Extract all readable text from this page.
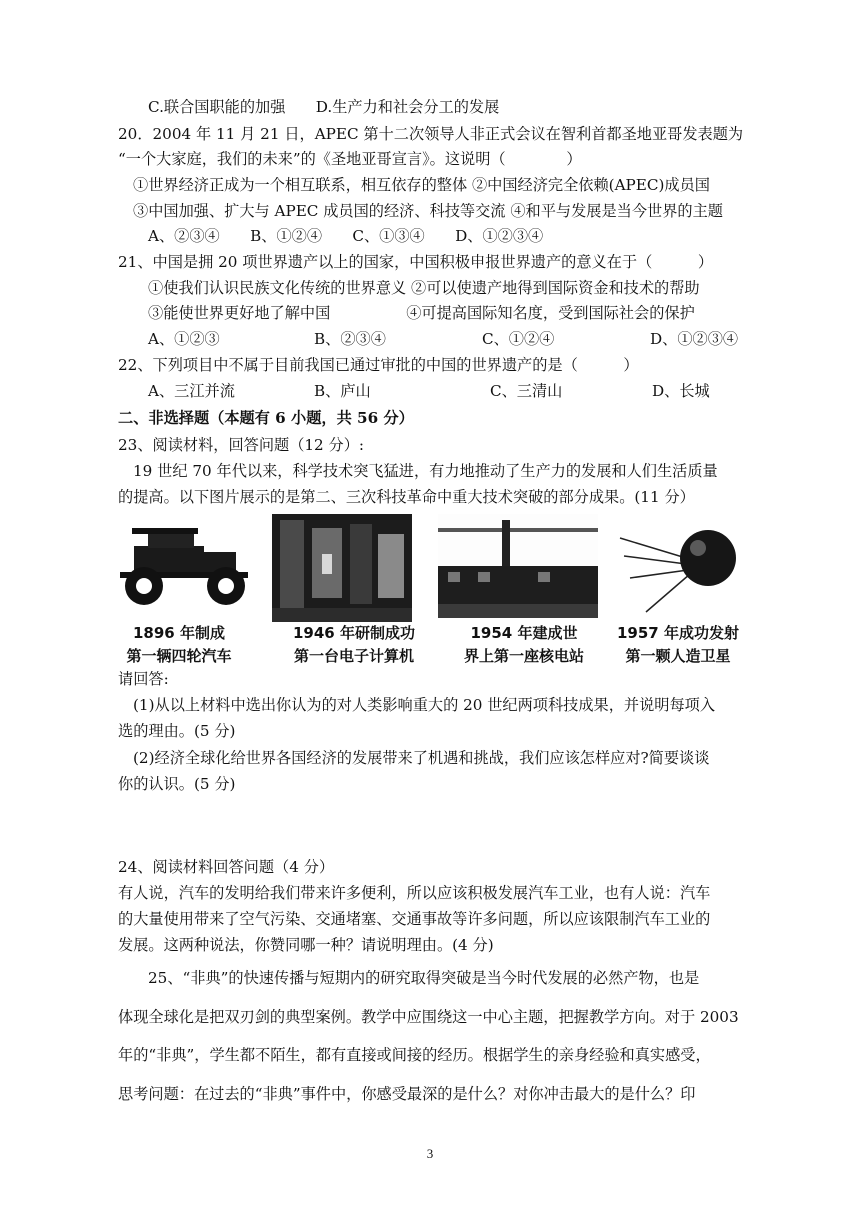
C.联合国职能的加强　　D.生产力和社会分工的发展
20．2004 年 11 月 21 日，APEC 第十二次领导人非正式会议在智利首都圣地亚哥发表题为
“一个大家庭，我们的未来”的《圣地亚哥宣言》。这说明（　　　　）
①世界经济正成为一个相互联系，相互依存的整体 ②中国经济完全依赖(APEC)成员国
③中国加强、扩大与 APEC 成员国的经济、科技等交流 ④和平与发展是当今世界的主题
A、②③④　　B、①②④　　C、①③④　　D、①②③④
21、中国是拥 20 项世界遗产以上的国家，中国积极申报世界遗产的意义在于（　　　）
①使我们认识民族文化传统的世界意义 ②可以使遗产地得到国际资金和技术的帮助
③能使世界更好地了解中国　　　　　④可提高国际知名度，受到国际社会的保护
A、①②③	B、②③④	C、①②④	D、①②③④
22、下列项目中不属于目前我国已通过审批的中国的世界遗产的是（　　　）
A、三江并流	B、庐山	C、三清山	D、长城
二、非选择题（本题有 6 小题，共 56 分）
23、阅读材料，回答问题（12 分）:
19 世纪 70 年代以来，科学技术突飞猛进，有力地推动了生产力的发展和人们生活质量
的提高。以下图片展示的是第二、三次科技革命中重大技术突破的部分成果。(11 分）
1896 年制成
第一辆四轮汽车
1946 年研制成功
第一台电子计算机
1954 年建成世
界上第一座核电站
1957 年成功发射
第一颗人造卫星
请回答:
(1)从以上材料中选出你认为的对人类影响重大的 20 世纪两项科技成果，并说明每项入
选的理由。(5 分)
(2)经济全球化给世界各国经济的发展带来了机遇和挑战，我们应该怎样应对?简要谈谈
你的认识。(5 分)
24、阅读材料回答问题（4 分）
有人说，汽车的发明给我们带来许多便利，所以应该积极发展汽车工业，也有人说：汽车
的大量使用带来了空气污染、交通堵塞、交通事故等许多问题，所以应该限制汽车工业的
发展。这两种说法，你赞同哪一种？请说明理由。(4 分)
25、“非典”的快速传播与短期内的研究取得突破是当今时代发展的必然产物，也是
体现全球化是把双刃剑的典型案例。教学中应围绕这一中心主题，把握教学方向。对于 2003
年的“非典”，学生都不陌生，都有直接或间接的经历。根据学生的亲身经验和真实感受，
思考问题：在过去的“非典”事件中，你感受最深的是什么？对你冲击最大的是什么？印
3
